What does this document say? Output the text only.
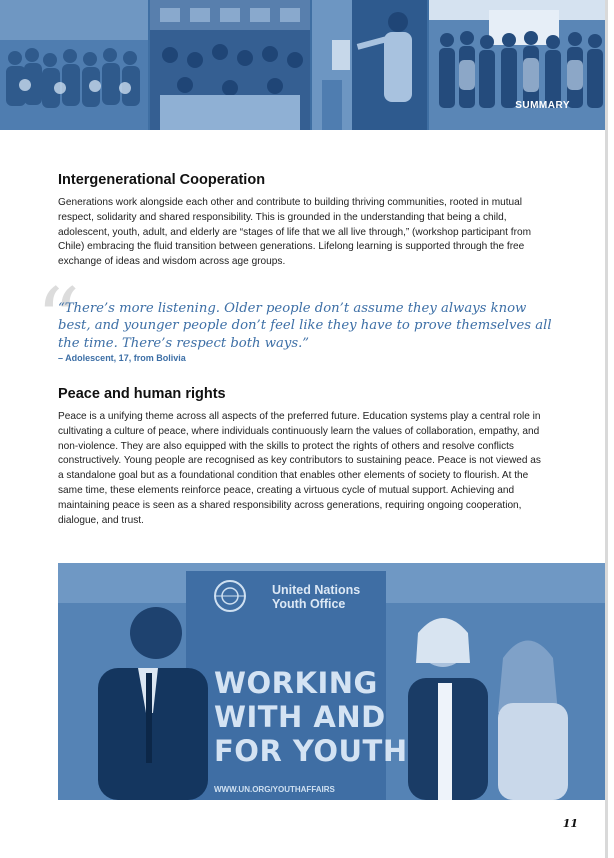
SUMMARY
Intergenerational Cooperation

Generations work alongside each other and contribute to building thriving communities, rooted in mutual respect, solidarity and shared responsibility. This is grounded in the understanding that being a child, adolescent, youth, adult, and elderly are “stages of life that we all live through,” (workshop participant from Chile) embracing the fluid transition between generations. Lifelong learning is supported through the free exchange of ideas and wisdom across age groups.

“
“There’s more listening. Older people don’t assume they always know best, and younger people don’t feel like they have to prove themselves all the time. There’s respect both ways.”
– Adolescent, 17, from Bolivia
Peace and human rights

Peace is a unifying theme across all aspects of the preferred future. Education systems play a central role in cultivating a culture of peace, where individuals continuously learn the values of collaboration, empathy, and non-violence. They are also equipped with the skills to protect the rights of others and resolve conflicts constructively. Young people are recognised as key contributors to sustaining peace. Peace is not viewed as a standalone goal but as a foundational condition that enables other elements of society to flourish. At the same time, these elements reinforce peace, creating a virtuous cycle of mutual support. Achieving and maintaining peace is seen as a shared responsibility across generations, requiring ongoing cooperation, dialogue, and trust.

United Nations
Youth Office
WORKING
WITH AND
FOR YOUTH
WWW.UN.ORG/YOUTHAFFAIRS	© United Nations Youth Office
11
